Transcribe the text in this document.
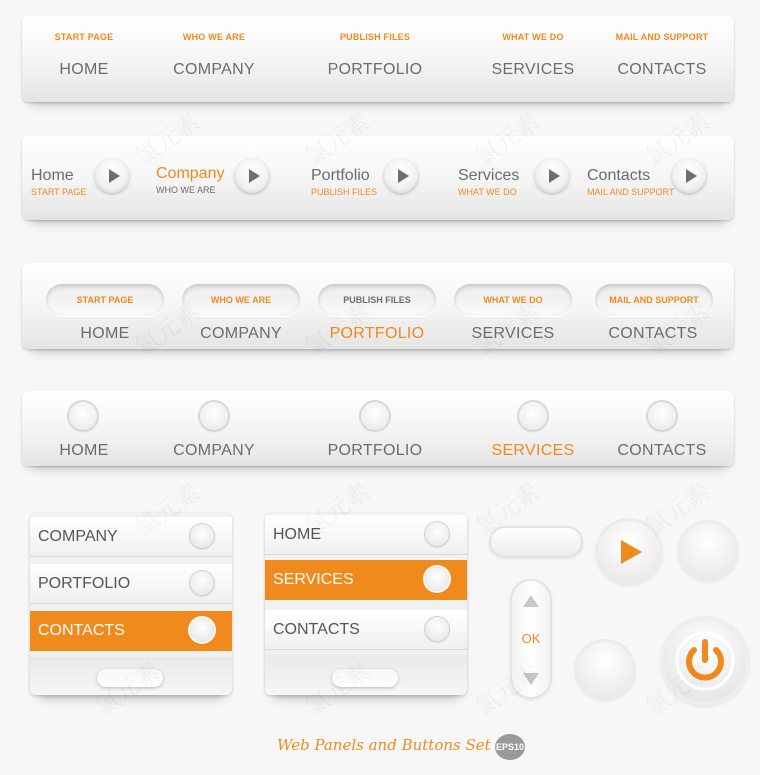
START PAGE
HOME
WHO WE ARE
COMPANY
PUBLISH FILES
PORTFOLIO
WHAT WE DO
SERVICES
MAIL AND SUPPORT
CONTACTS
Home
START PAGE
Company
WHO WE ARE
Portfolio
PUBLISH FILES
Services
WHAT WE DO
Contacts
MAIL AND SUPPORT
START PAGE	WHO WE ARE	PUBLISH FILES	WHAT WE DO	MAIL AND SUPPORT
HOME	COMPANY	PORTFOLIO	SERVICES	CONTACTS
HOME	COMPANY	PORTFOLIO	SERVICES	CONTACTS
COMPANY
PORTFOLIO
CONTACTS
HOME
SERVICES
CONTACTS
OK
Web Panels and Buttons Set EPS10
